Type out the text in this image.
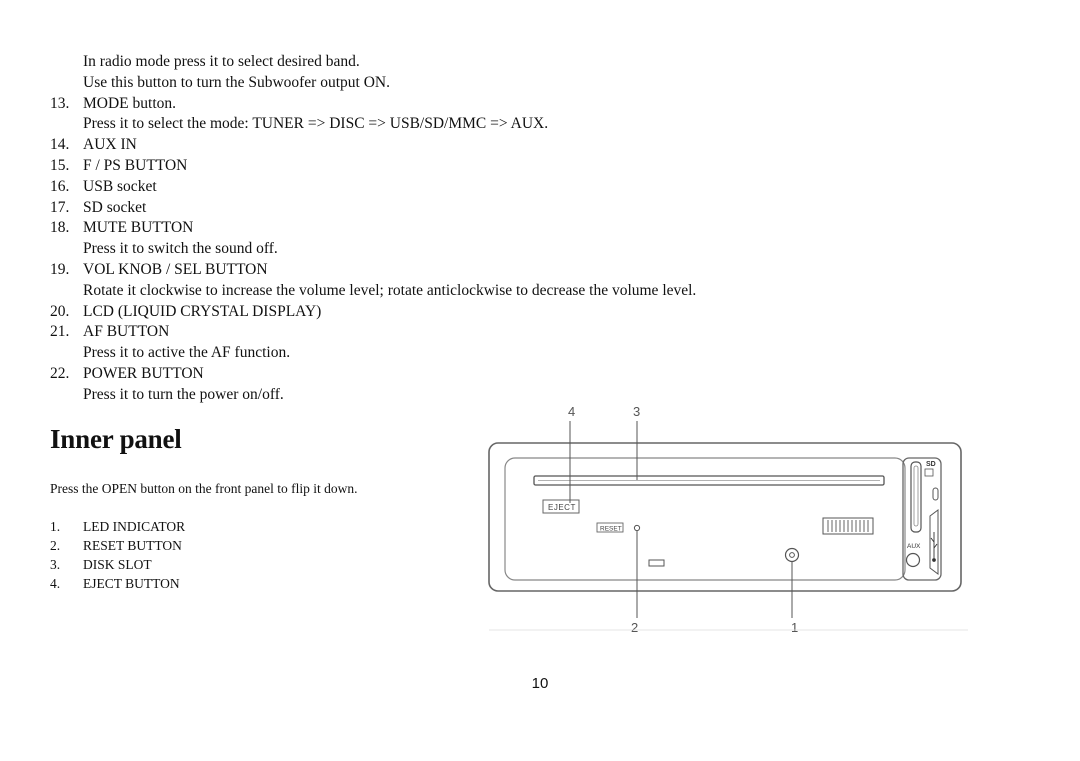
In radio mode press it to select desired band.
Use this button to turn the Subwoofer output ON.
13. MODE button.
Press it to select the mode: TUNER => DISC => USB/SD/MMC => AUX.
14. AUX IN
15. F / PS BUTTON
16. USB socket
17. SD socket
18. MUTE BUTTON
Press it to switch the sound off.
19. VOL KNOB / SEL BUTTON
Rotate it clockwise to increase the volume level; rotate anticlockwise to decrease the volume level.
20. LCD (LIQUID CRYSTAL DISPLAY)
21. AF BUTTON
Press it to active the AF function.
22. POWER BUTTON
Press it to turn the power on/off.
Inner panel
Press the OPEN button on the front panel to flip it down.
1.	LED INDICATOR
2.	RESET BUTTON
3.	DISK SLOT
4.	EJECT BUTTON
4	3
2	1
EJECT
RESET
SD
AUX
10
